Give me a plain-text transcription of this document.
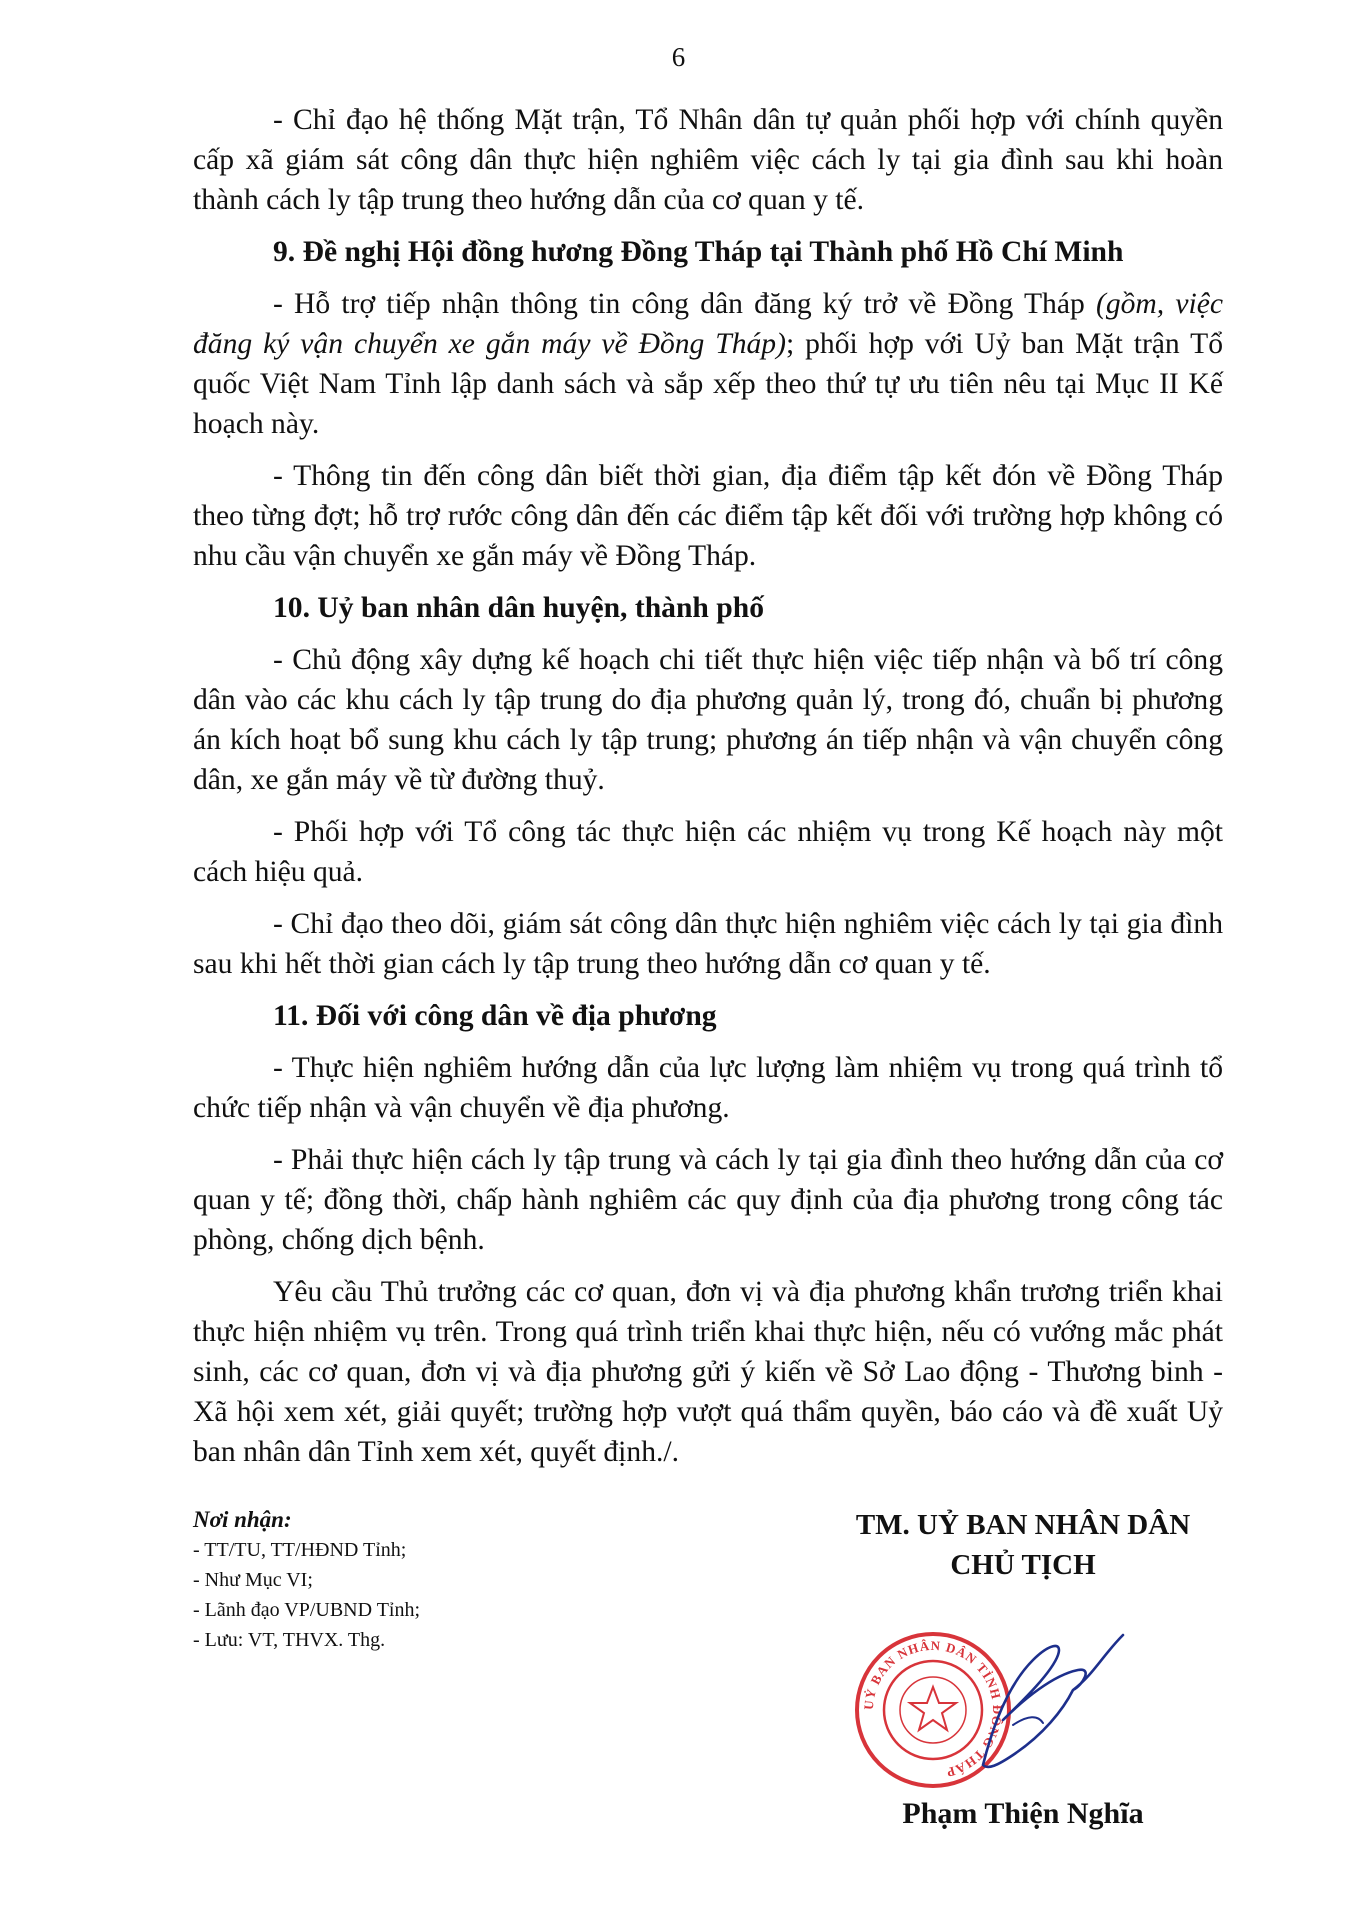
6

- Chỉ đạo hệ thống Mặt trận, Tổ Nhân dân tự quản phối hợp với chính quyền cấp xã giám sát công dân thực hiện nghiêm việc cách ly tại gia đình sau khi hoàn thành cách ly tập trung theo hướng dẫn của cơ quan y tế.

9. Đề nghị Hội đồng hương Đồng Tháp tại Thành phố Hồ Chí Minh

- Hỗ trợ tiếp nhận thông tin công dân đăng ký trở về Đồng Tháp (gồm, việc đăng ký vận chuyển xe gắn máy về Đồng Tháp); phối hợp với Uỷ ban Mặt trận Tổ quốc Việt Nam Tỉnh lập danh sách và sắp xếp theo thứ tự ưu tiên nêu tại Mục II Kế hoạch này.

- Thông tin đến công dân biết thời gian, địa điểm tập kết đón về Đồng Tháp theo từng đợt; hỗ trợ rước công dân đến các điểm tập kết đối với trường hợp không có nhu cầu vận chuyển xe gắn máy về Đồng Tháp.

10. Uỷ ban nhân dân huyện, thành phố

- Chủ động xây dựng kế hoạch chi tiết thực hiện việc tiếp nhận và bố trí công dân vào các khu cách ly tập trung do địa phương quản lý, trong đó, chuẩn bị phương án kích hoạt bổ sung khu cách ly tập trung; phương án tiếp nhận và vận chuyển công dân, xe gắn máy về từ đường thuỷ.

- Phối hợp với Tổ công tác thực hiện các nhiệm vụ trong Kế hoạch này một cách hiệu quả.

- Chỉ đạo theo dõi, giám sát công dân thực hiện nghiêm việc cách ly tại gia đình sau khi hết thời gian cách ly tập trung theo hướng dẫn cơ quan y tế.

11. Đối với công dân về địa phương

- Thực hiện nghiêm hướng dẫn của lực lượng làm nhiệm vụ trong quá trình tổ chức tiếp nhận và vận chuyển về địa phương.

- Phải thực hiện cách ly tập trung và cách ly tại gia đình theo hướng dẫn của cơ quan y tế; đồng thời, chấp hành nghiêm các quy định của địa phương trong công tác phòng, chống dịch bệnh.

Yêu cầu Thủ trưởng các cơ quan, đơn vị và địa phương khẩn trương triển khai thực hiện nhiệm vụ trên. Trong quá trình triển khai thực hiện, nếu có vướng mắc phát sinh, các cơ quan, đơn vị và địa phương gửi ý kiến về Sở Lao động - Thương binh - Xã hội xem xét, giải quyết; trường hợp vượt quá thẩm quyền, báo cáo và đề xuất Uỷ ban nhân dân Tỉnh xem xét, quyết định./.

Nơi nhận:
- TT/TU, TT/HĐND Tỉnh;
- Như Mục VI;
- Lãnh đạo VP/UBND Tỉnh;
- Lưu: VT, THVX. Thg.
TM. UỶ BAN NHÂN DÂN
CHỦ TỊCH
UỶ BAN NHÂN DÂN TỈNH ĐỒNG THÁP
Phạm Thiện Nghĩa
